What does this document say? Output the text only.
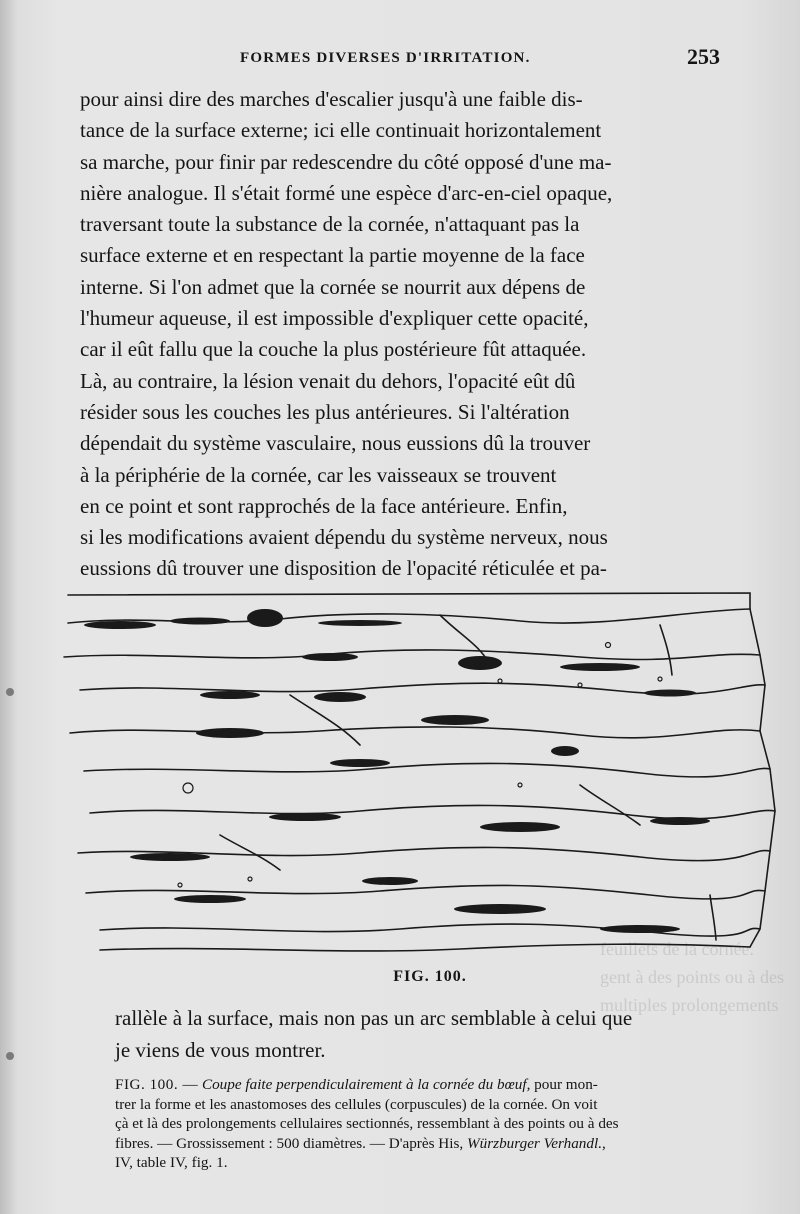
feuillets de la cornée.
gent à des points ou à des
multiples prolongements
FORMES DIVERSES D'IRRITATION.	253

pour ainsi dire des marches d'escalier jusqu'à une faible dis-

tance de la surface externe; ici elle continuait horizontalement

sa marche, pour finir par redescendre du côté opposé d'une ma-

nière analogue. Il s'était formé une espèce d'arc-en-ciel opaque,

traversant toute la substance de la cornée, n'attaquant pas la

surface externe et en respectant la partie moyenne de la face

interne. Si l'on admet que la cornée se nourrit aux dépens de

l'humeur aqueuse, il est impossible d'expliquer cette opacité,

car il eût fallu que la couche la plus postérieure fût attaquée.

Là, au contraire, la lésion venait du dehors, l'opacité eût dû

résider sous les couches les plus antérieures. Si l'altération

dépendait du système vasculaire, nous eussions dû la trouver

à la périphérie de la cornée, car les vaisseaux se trouvent

en ce point et sont rapprochés de la face antérieure. Enfin,

si les modifications avaient dépendu du système nerveux, nous

eussions dû trouver une disposition de l'opacité réticulée et pa-

FIG. 100.

rallèle à la surface, mais non pas un arc semblable à celui que

je viens de vous montrer.

FIG. 100. — Coupe faite perpendiculairement à la cornée du bœuf, pour mon-

trer la forme et les anastomoses des cellules (corpuscules) de la cornée. On voit

çà et là des prolongements cellulaires sectionnés, ressemblant à des points ou à des

fibres. — Grossissement : 500 diamètres. — D'après His, Würzburger Verhandl.,

IV, table IV, fig. 1.
